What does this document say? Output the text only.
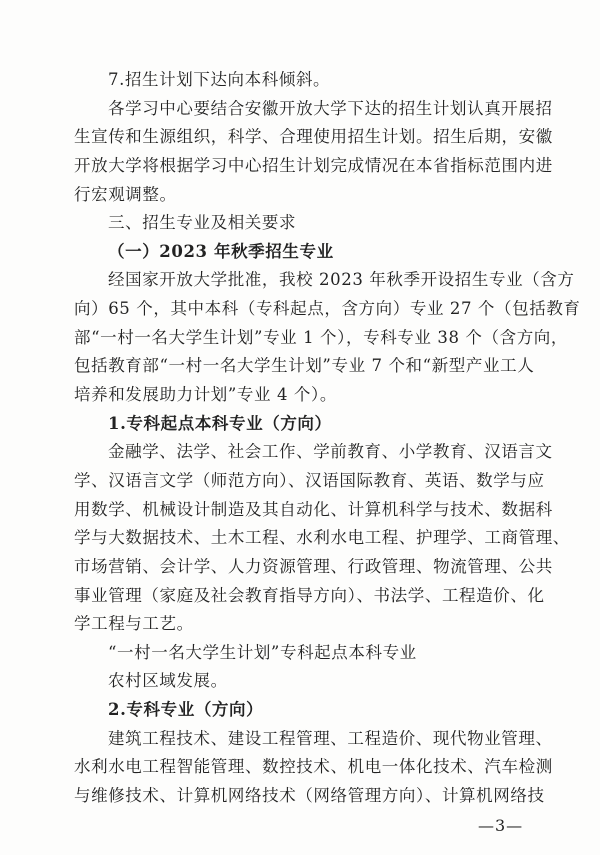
7.招生计划下达向本科倾斜。
各学习中心要结合安徽开放大学下达的招生计划认真开展招
生宣传和生源组织，科学、合理使用招生计划。招生后期，安徽
开放大学将根据学习中心招生计划完成情况在本省指标范围内进
行宏观调整。
三、招生专业及相关要求
（一）2023 年秋季招生专业
经国家开放大学批准，我校 2023 年秋季开设招生专业（含方
向）65 个，其中本科（专科起点，含方向）专业 27 个（包括教育
部“一村一名大学生计划”专业 1 个），专科专业 38 个（含方向，
包括教育部“一村一名大学生计划”专业 7 个和“新型产业工人
培养和发展助力计划”专业 4 个）。
1.专科起点本科专业（方向）
金融学、法学、社会工作、学前教育、小学教育、汉语言文
学、汉语言文学（师范方向）、汉语国际教育、英语、数学与应
用数学、机械设计制造及其自动化、计算机科学与技术、数据科
学与大数据技术、土木工程、水利水电工程、护理学、工商管理、
市场营销、会计学、人力资源管理、行政管理、物流管理、公共
事业管理（家庭及社会教育指导方向）、书法学、工程造价、化
学工程与工艺。
“一村一名大学生计划”专科起点本科专业
农村区域发展。
2.专科专业（方向）
建筑工程技术、建设工程管理、工程造价、现代物业管理、
水利水电工程智能管理、数控技术、机电一体化技术、汽车检测
与维修技术、计算机网络技术（网络管理方向）、计算机网络技
—3—
